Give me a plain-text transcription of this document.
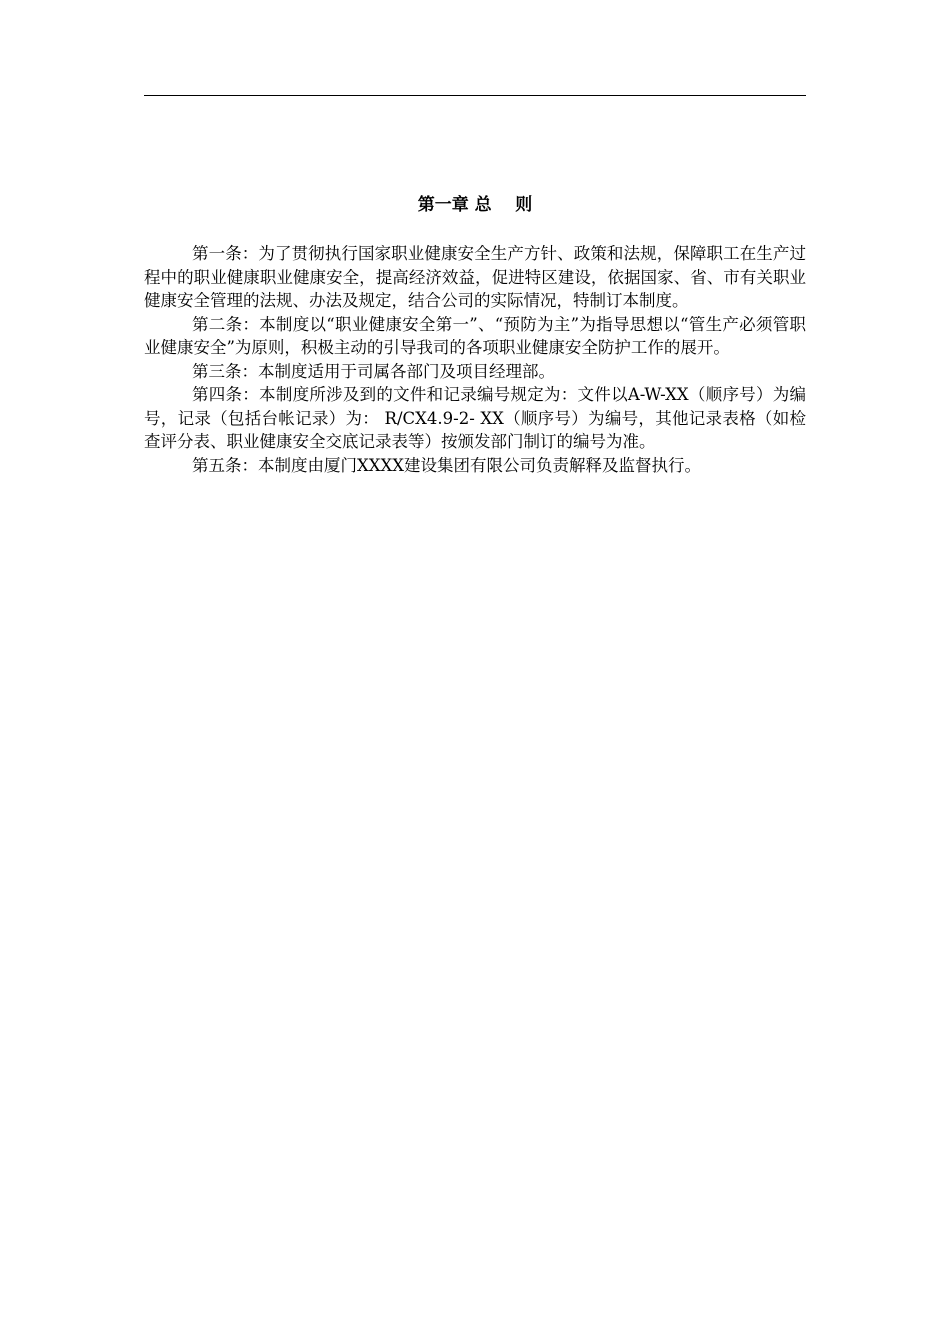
第一章 总    则

第一条：为了贯彻执行国家职业健康安全生产方针、政策和法规，保障职工在生产过程中的职业健康职业健康安全，提高经济效益，促进特区建设，依据国家、省、市有关职业健康安全管理的法规、办法及规定，结合公司的实际情况，特制订本制度。

第二条：本制度以“职业健康安全第一”、“预防为主”为指导思想以“管生产必须管职业健康安全”为原则，积极主动的引导我司的各项职业健康安全防护工作的展开。

第三条：本制度适用于司属各部门及项目经理部。

第四条：本制度所涉及到的文件和记录编号规定为：文件以A-W-XX（顺序号）为编号，记录（包括台帐记录）为： R/CX4.9-2- XX（顺序号）为编号，其他记录表格（如检查评分表、职业健康安全交底记录表等）按颁发部门制订的编号为准。

第五条：本制度由厦门XXXX建设集团有限公司负责解释及监督执行。
